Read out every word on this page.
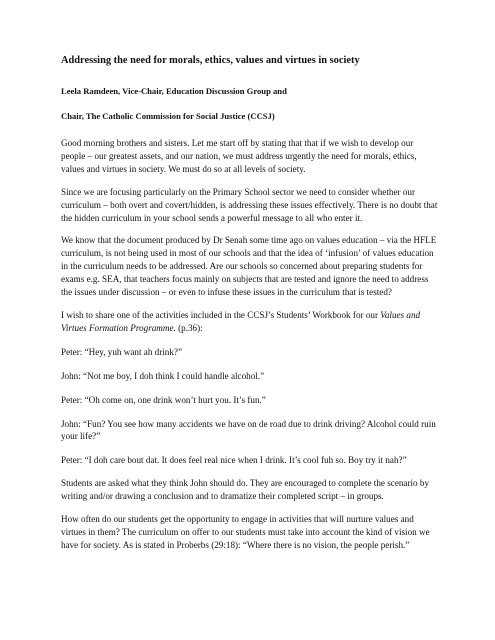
Addressing the need for morals, ethics, values and virtues in society

Leela Ramdeen, Vice-Chair, Education Discussion Group and

Chair, The Catholic Commission for Social Justice (CCSJ)

Good morning brothers and sisters. Let me start off by stating that that if we wish to develop our people – our greatest assets, and our nation, we must address urgently the need for morals, ethics, values and virtues in society. We must do so at all levels of society.

Since we are focusing particularly on the Primary School sector we need to consider whether our curriculum – both overt and covert/hidden, is addressing these issues effectively. There is no doubt that the hidden curriculum in your school sends a powerful message to all who enter it.

We know that the document produced by Dr Senah some time ago on values education – via the HFLE curriculum, is not being used in most of our schools and that the idea of ‘infusion’ of values education in the curriculum needs to be addressed. Are our schools so concerned about preparing students for exams e.g. SEA, that teachers focus mainly on subjects that are tested and ignore the need to address the issues under discussion – or even to infuse these issues in the curriculum that is tested?

I wish to share one of the activities included in the CCSJ’s Students’ Workbook for our Values and Virtues Formation Programme. (p.36):

Peter: “Hey, yuh want ah drink?”

John: “Not me boy, I doh think I could handle alcohol.”

Peter: “Oh come on, one drink won’t hurt you. It’s fun.”

John: “Fun? You see how many accidents we have on de road due to drink driving? Alcohol could ruin your life?”

Peter: “I doh care bout dat. It does feel real nice when I drink. It’s cool fuh so. Boy try it nah?”

Students are asked what they think John should do. They are encouraged to complete the scenario by writing and/or drawing a conclusion and to dramatize their completed script – in groups.

How often do our students get the opportunity to engage in activities that will nurture values and virtues in them? The curriculum on offer to our students must take into account the kind of vision we have for society. As is stated in Proberbs (29:18): “Where there is no vision, the people perish.”
